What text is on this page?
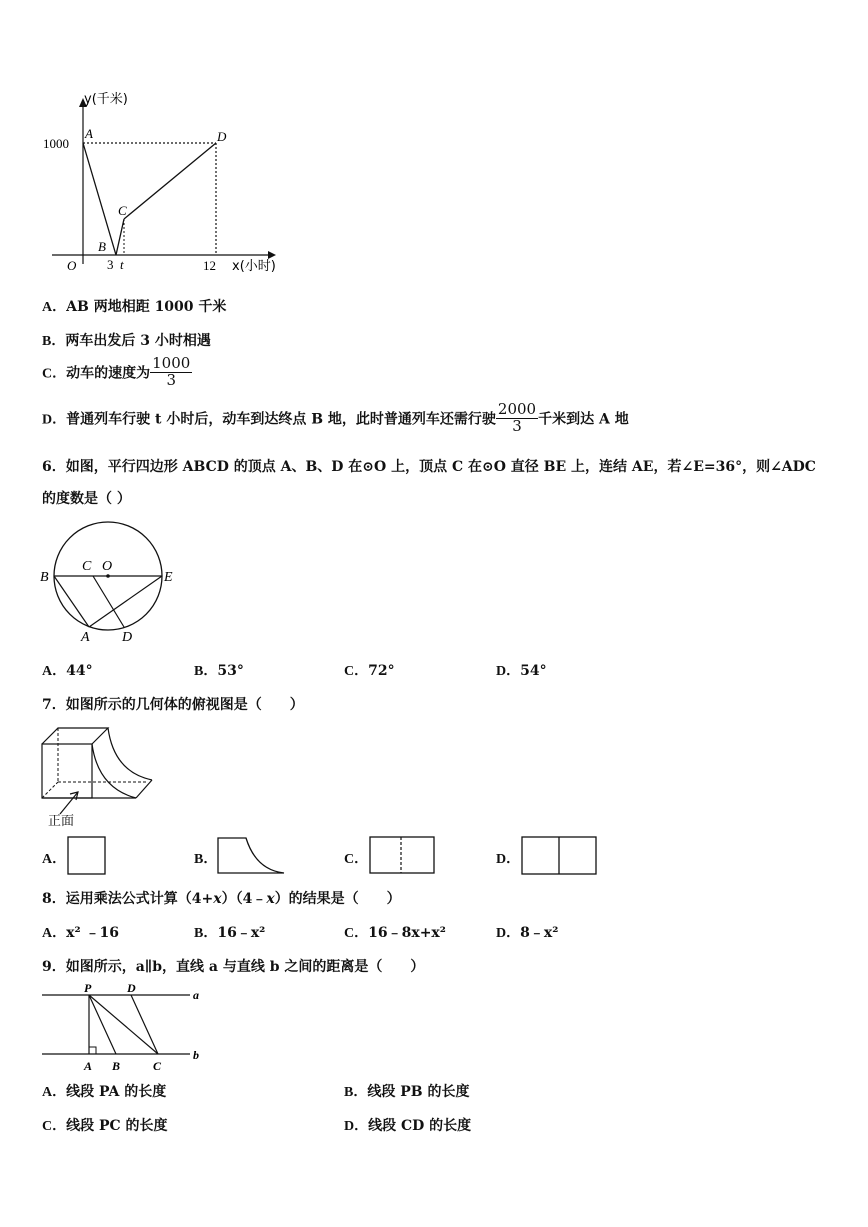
y(千米)
x(小时)
1000
A
B
C
D
O 3 t	12
A．AB 两地相距 1000 千米
B．两车出发后 3 小时相遇
C．动车的速度为 $\frac{1000}{3}$
D．普通列车行驶 t 小时后，动车到达终点 B 地，此时普通列车还需行驶 $\frac{2000}{3}$ 千米到达 A 地
6．如图，平行四边形 ABCD 的顶点 A、B、D 在⊙O 上，顶点 C 在⊙O 直径 BE 上，连结 AE，若∠E=36°，则∠ADC
的度数是（ ）
B
C O
E
A D
A．44°	B．53°	C．72°	D．54°
7．如图所示的几何体的俯视图是（　　）
正面
A．	B．	C．	D．
8．运用乘法公式计算（4+x）（4﹣x）的结果是（　　）
A．x² ﹣16	B．16﹣x²	C．16﹣8x+x²	D．8﹣x²
9．如图所示，a∥b，直线 a 与直线 b 之间的距离是（　　）
P	D	a
b
A B	C
A．线段 PA 的长度	B．线段 PB 的长度
C．线段 PC 的长度	D．线段 CD 的长度
